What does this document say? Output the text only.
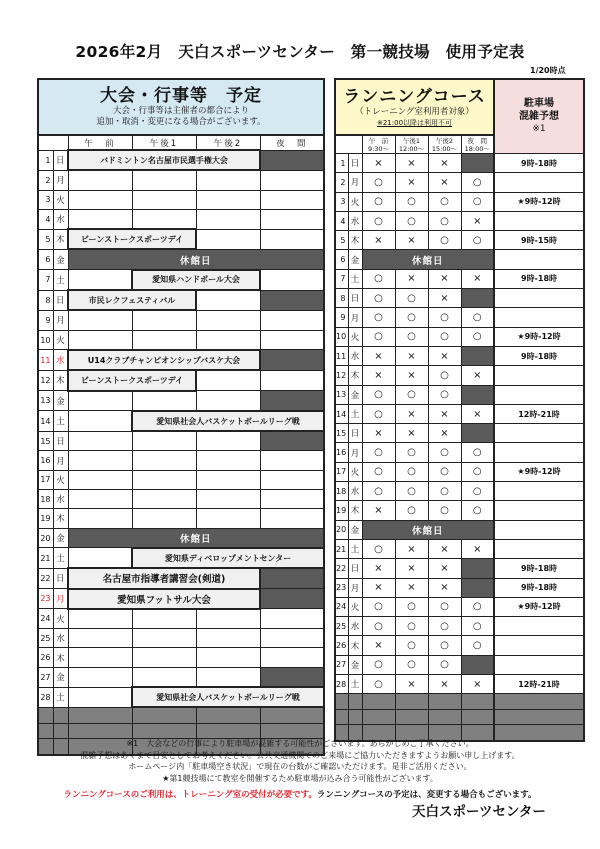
2026年2月　天白スポーツセンター　第一競技場　使用予定表
1/20時点
大会・行事等　予定
大会・行事等は主催者の都合により
追加・取消・変更になる場合がございます。					

		午　前	午後1	午後2	夜　間
1	日	バドミントン名古屋市民選手権大会			
2	月				
3	火				
4	水				
5	木	ビーンストークスポーツデイ			
6	金	休館日			
7	土		愛知県ハンドボール大会		
8	日	市民レクフェスティバル			
9	月				
10	火				
11	水	U14クラブチャンピオンシップバスケ大会			
12	木	ビーンストークスポーツデイ			
13	金				
14	土		愛知県社会人バスケットボールリーグ戦		
15	日				
16	月				
17	火				
18	水				
19	木				
20	金	休館日			
21	土		愛知県ディベロップメントセンター		
22	日	名古屋市指導者講習会(剣道)			
23	月	愛知県フットサル大会			
24	火				
25	水				
26	木				
27	金				
28	土		愛知県社会人バスケットボールリーグ戦		

ランニングコース
（トレーニング室利用者対象）
※21:00以降は利用不可

駐車場
混雑予想
※1

午　前
9:30～

午後1
12:00～

午後2
15:00～

夜　間
18:00～

1	日	×	×	×		9時-18時
2	月	○	×	×	○	
3	火	○	○	○	○	★9時-12時
4	水	○	○	○	×	
5	木	×	×	○	○	9時-15時
6	金	休館日				
7	土	○	×	×	×	9時-18時
8	日	○	○	×		
9	月	○	○	○	○	
10	火	○	○	○	○	★9時-12時
11	水	×	×	×		9時-18時
12	木	×	×	○	×	
13	金	○	○	○		
14	土	○	×	×	×	12時-21時
15	日	×	×	×		
16	月	○	○	○	○	
17	火	○	○	○	○	★9時-12時
18	水	○	○	○	○	
19	木	×	○	○	○	
20	金	休館日				
21	土	○	×	×	×	
22	日	×	×	×		9時-18時
23	月	×	×	×		9時-18時
24	火	○	○	○	○	★9時-12時
25	水	○	○	○	○	
26	木	×	○	○	○	
27	金	○	○	○		
28	土	○	×	×	×	12時-21時

※1　大会などの行事により駐車場が混雑する可能性がございます。あらかじめご了承ください。
混雑予想はあくまで目安としてお考えください。公共交通機関でのご来場にご協力いただきますようお願い申し上げます。
ホームページ内「駐車場空き状況」で現在の台数がご確認いただけます。是非ご活用ください。
★第1競技場にて教室を開催するため駐車場が込み合う可能性がございます。
ランニングコースのご利用は、トレーニング室の受付が必要です。ランニングコースの予定は、変更する場合もございます。
天白スポーツセンター
